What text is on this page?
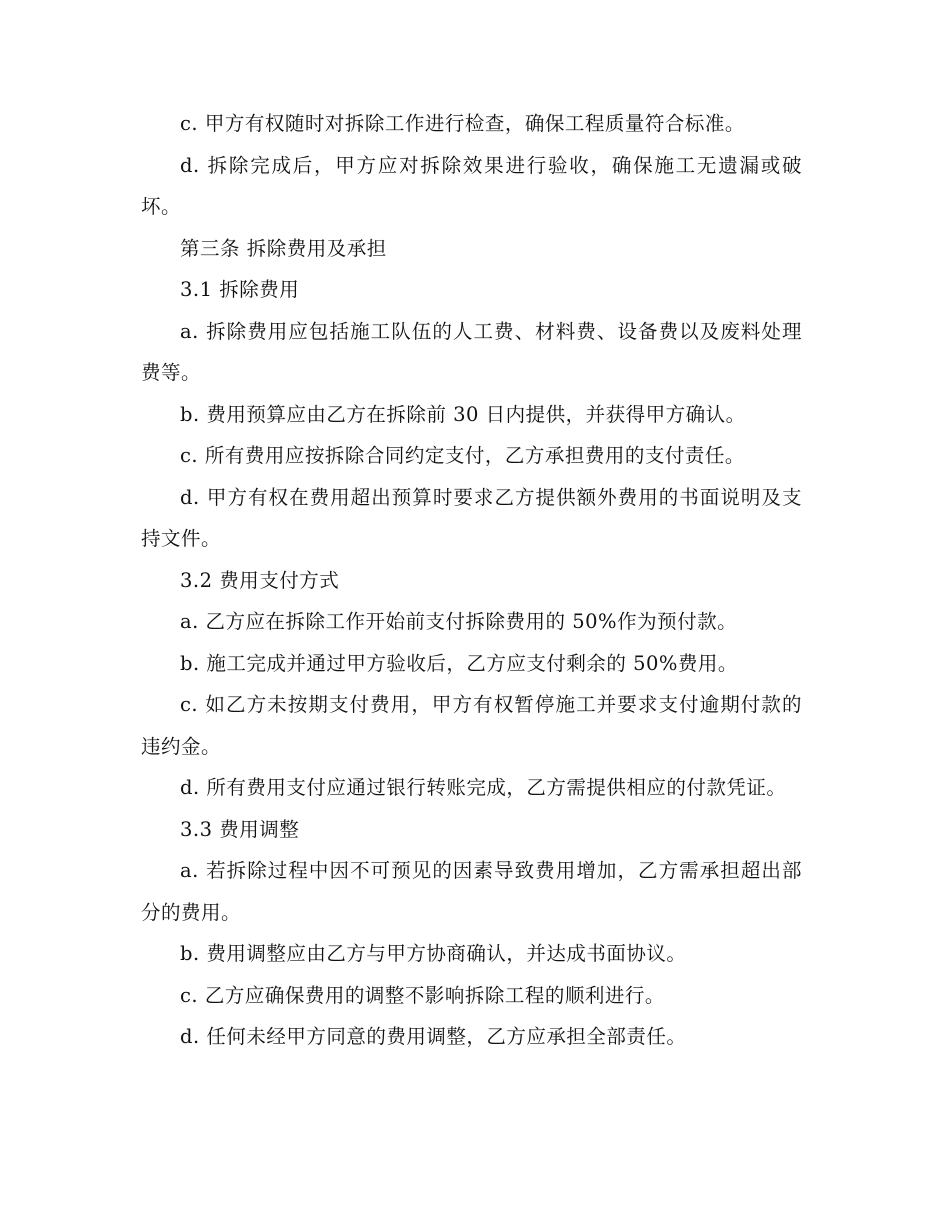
c. 甲方有权随时对拆除工作进行检查，确保工程质量符合标准。

d. 拆除完成后，甲方应对拆除效果进行验收，确保施工无遗漏或破坏。

第三条 拆除费用及承担

3.1 拆除费用

a. 拆除费用应包括施工队伍的人工费、材料费、设备费以及废料处理费等。

b. 费用预算应由乙方在拆除前 30 日内提供，并获得甲方确认。

c. 所有费用应按拆除合同约定支付，乙方承担费用的支付责任。

d. 甲方有权在费用超出预算时要求乙方提供额外费用的书面说明及支持文件。

3.2 费用支付方式

a. 乙方应在拆除工作开始前支付拆除费用的 50%作为预付款。

b. 施工完成并通过甲方验收后，乙方应支付剩余的 50%费用。

c. 如乙方未按期支付费用，甲方有权暂停施工并要求支付逾期付款的违约金。

d. 所有费用支付应通过银行转账完成，乙方需提供相应的付款凭证。

3.3 费用调整

a. 若拆除过程中因不可预见的因素导致费用增加，乙方需承担超出部分的费用。

b. 费用调整应由乙方与甲方协商确认，并达成书面协议。

c. 乙方应确保费用的调整不影响拆除工程的顺利进行。

d. 任何未经甲方同意的费用调整，乙方应承担全部责任。
